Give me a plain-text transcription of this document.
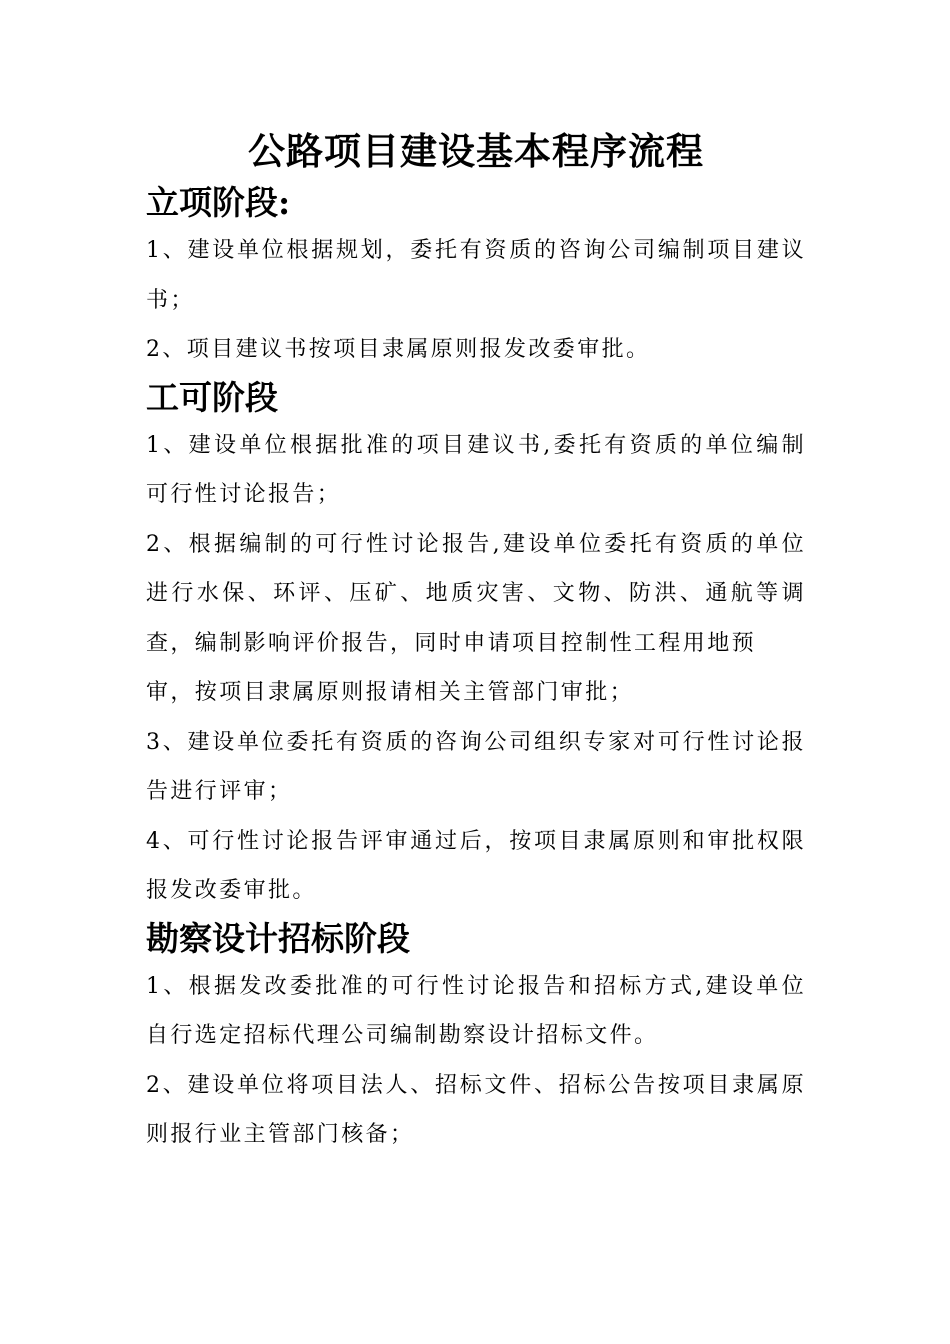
公路项目建设基本程序流程
立项阶段:

1、建设单位根据规划，委托有资质的咨询公司编制项目建议书；

2、项目建议书按项目隶属原则报发改委审批。

工可阶段

1、建设单位根据批准的项目建议书,委托有资质的单位编制可行性讨论报告；

2、根据编制的可行性讨论报告,建设单位委托有资质的单位进行水保、环评、压矿、地质灾害、文物、防洪、通航等调查，编制影响评价报告，同时申请项目控制性工程用地预

审，按项目隶属原则报请相关主管部门审批；

3、建设单位委托有资质的咨询公司组织专家对可行性讨论报告进行评审；

4、可行性讨论报告评审通过后，按项目隶属原则和审批权限报发改委审批。

勘察设计招标阶段

1、根据发改委批准的可行性讨论报告和招标方式,建设单位自行选定招标代理公司编制勘察设计招标文件。

2、建设单位将项目法人、招标文件、招标公告按项目隶属原则报行业主管部门核备；
